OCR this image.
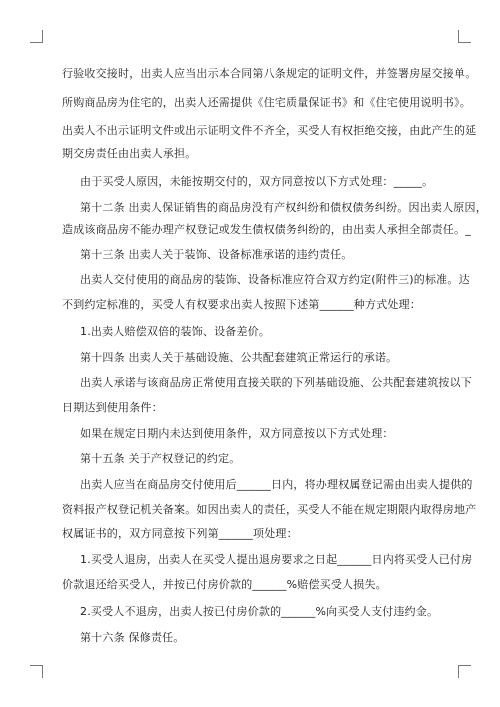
行验收交接时，出卖人应当出示本合同第八条规定的证明文件，并签署房屋交接单。
所购商品房为住宅的，出卖人还需提供《住宅质量保证书》和《住宅使用说明书》。
出卖人不出示证明文件或出示证明文件不齐全，买受人有权拒绝交接，由此产生的延
期交房责任由出卖人承担。
由于买受人原因，未能按期交付的，双方同意按以下方式处理：_____。
第十二条 出卖人保证销售的商品房没有产权纠纷和债权债务纠纷。因出卖人原因，
造成该商品房不能办理产权登记或发生债权债务纠纷的，由出卖人承担全部责任。_
第十三条 出卖人关于装饰、设备标准承诺的违约责任。
出卖人交付使用的商品房的装饰、设备标准应符合双方约定(附件三)的标准。达
不到约定标准的，买受人有权要求出卖人按照下述第______种方式处理：
1.出卖人赔偿双倍的装饰、设备差价。
第十四条 出卖人关于基础设施、公共配套建筑正常运行的承诺。
出卖人承诺与该商品房正常使用直接关联的下列基础设施、公共配套建筑按以下
日期达到使用条件：
如果在规定日期内未达到使用条件，双方同意按以下方式处理：
第十五条 关于产权登记的约定。
出卖人应当在商品房交付使用后______日内，将办理权属登记需由出卖人提供的
资料报产权登记机关备案。如因出卖人的责任，买受人不能在规定期限内取得房地产
权属证书的，双方同意按下列第______项处理：
1.买受人退房，出卖人在买受人提出退房要求之日起______日内将买受人已付房
价款退还给买受人，并按已付房价款的______%赔偿买受人损失。
2.买受人不退房，出卖人按已付房价款的______%向买受人支付违约金。
第十六条 保修责任。
